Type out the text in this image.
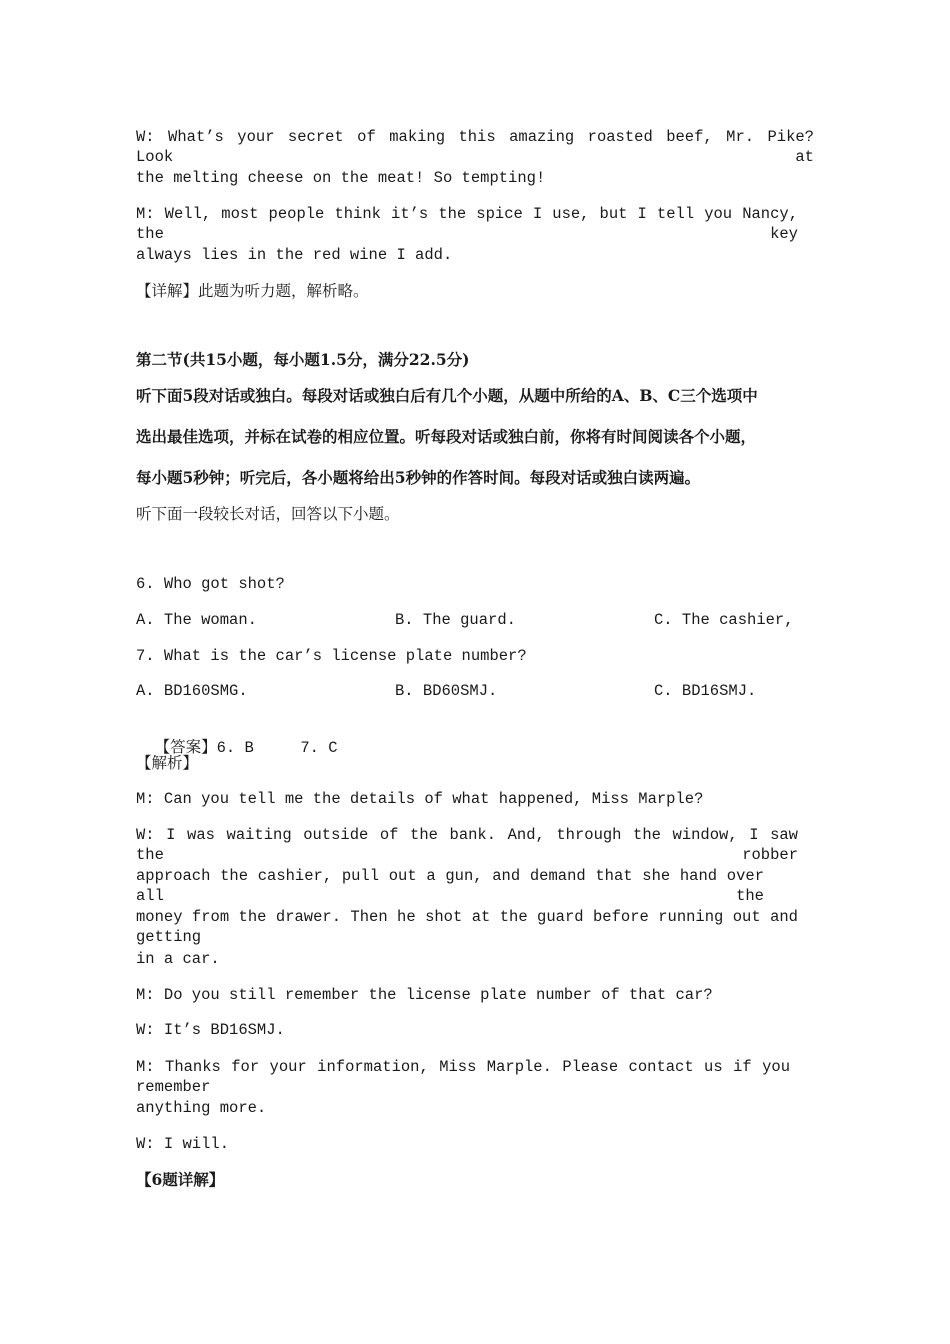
W: What’s your secret of making this amazing roasted beef, Mr. Pike? Look at
the melting cheese on the meat! So tempting!
M: Well, most people think it’s the spice I use, but I tell you Nancy, the key
always lies in the red wine I add.
【详解】此题为听力题，解析略。
第二节(共15小题，每小题1.5分，满分22.5分)
听下面5段对话或独白。每段对话或独白后有几个小题，从题中所给的A、B、C三个选项中
选出最佳选项，并标在试卷的相应位置。听每段对话或独白前，你将有时间阅读各个小题，
每小题5秒钟；听完后，各小题将给出5秒钟的作答时间。每段对话或独白读两遍。
听下面一段较长对话，回答以下小题。
6. Who got shot?
A. The woman.	B. The guard.	C. The cashier,
7. What is the car’s license plate number?
A. BD160SMG.	B. BD60SMJ.	C. BD16SMJ.

【答案】6. B     7. C

【解析】
M: Can you tell me the details of what happened, Miss Marple?
W: I was waiting outside of the bank. And, through the window, I saw the robber
approach the cashier, pull out a gun, and demand that she hand over all the
money from the drawer. Then he shot at the guard before running out and getting
in a car.
M: Do you still remember the license plate number of that car?
W: It’s BD16SMJ.
M: Thanks for your information, Miss Marple. Please contact us if you remember
anything more.
W: I will.
【6题详解】
